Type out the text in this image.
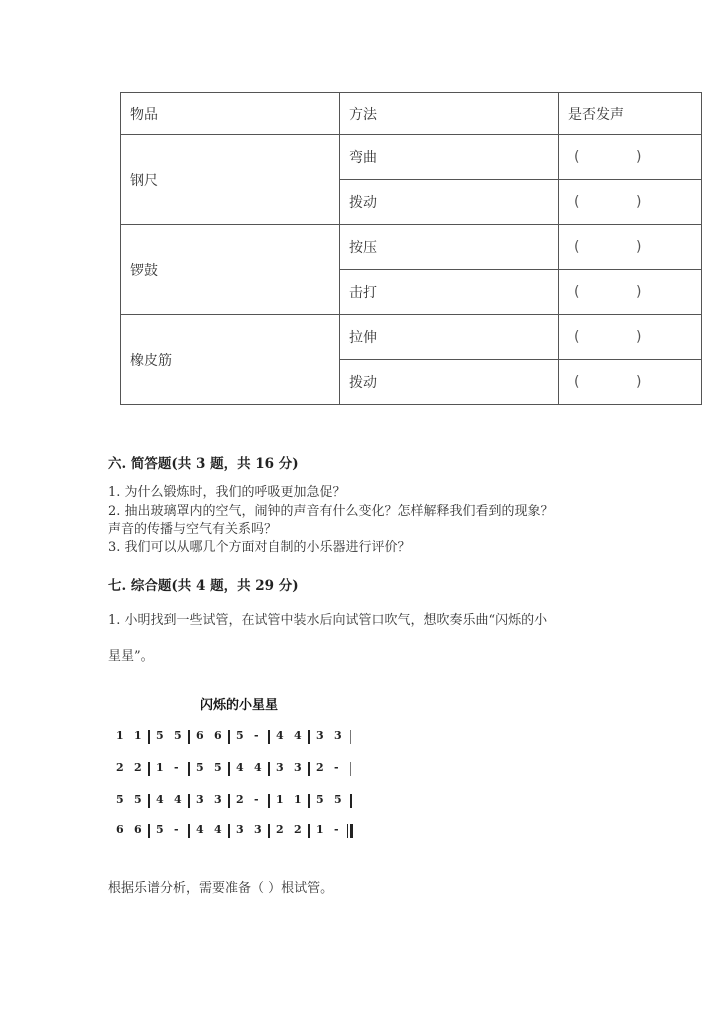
物品	方法	是否发声
钢尺	弯曲	( )

	拨动	( )

锣鼓	按压	( )

	击打	( )

橡皮筋	拉伸	( )

	拨动	( )

六. 简答题(共 3 题，共 16 分)
1. 为什么锻炼时，我们的呼吸更加急促？
2. 抽出玻璃罩内的空气，闹钟的声音有什么变化？怎样解释我们看到的现象？
声音的传播与空气有关系吗？
3. 我们可以从哪几个方面对自制的小乐器进行评价？
七. 综合题(共 4 题，共 29 分)
1. 小明找到一些试管，在试管中装水后向试管口吹气，想吹奏乐曲“闪烁的小
星星”。
闪烁的小星星
1 1 5 5 6 6 5 - 4 4 3 3
2 2 1 - 5 5 4 4 3 3 2 -
5 5 4 4 3 3 2 - 1 1 5 5
6 6 5 - 4 4 3 3 2 2 1 -
根据乐谱分析，需要准备（ ）根试管。
